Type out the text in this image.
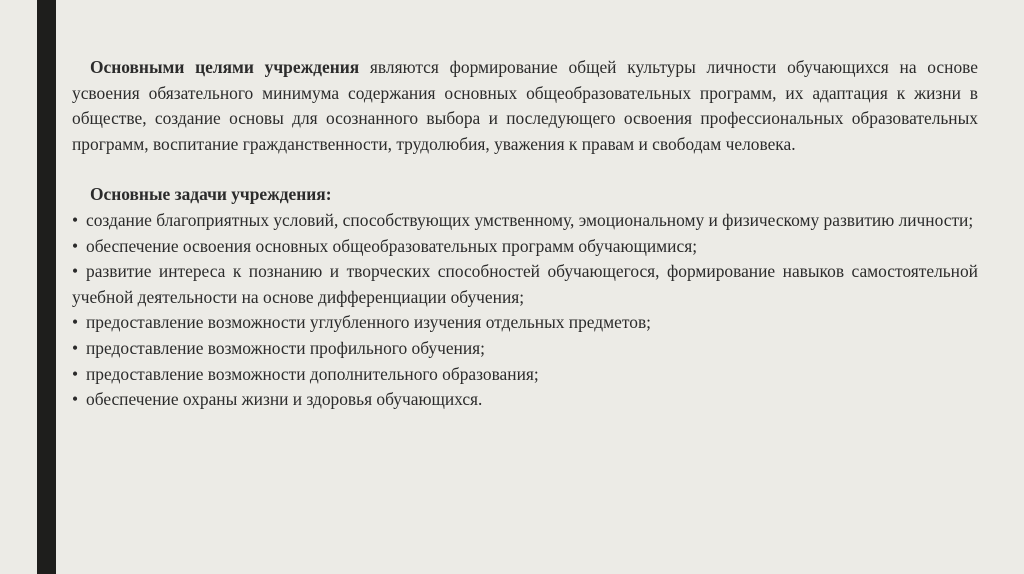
Основными целями учреждения являются формирование общей культуры личности обучающихся на основе усвоения обязательного минимума содержания основных общеобразовательных программ, их адаптация к жизни в обществе, создание основы для осознанного выбора и последующего освоения профессиональных образовательных программ, воспитание гражданственности, трудолюбия, уважения к правам и свободам человека.

Основные задачи учреждения:

• создание благоприятных условий, способствующих умственному, эмоциональному и физическому развитию личности;
• обеспечение освоения основных общеобразовательных программ обучающимися;
• развитие интереса к познанию и творческих способностей обучающегося, формирование навыков самостоятельной учебной деятельности на основе дифференциации обучения;
• предоставление возможности углубленного изучения отдельных предметов;
• предоставление возможности профильного обучения;
• предоставление возможности дополнительного образования;
• обеспечение охраны жизни и здоровья обучающихся.
